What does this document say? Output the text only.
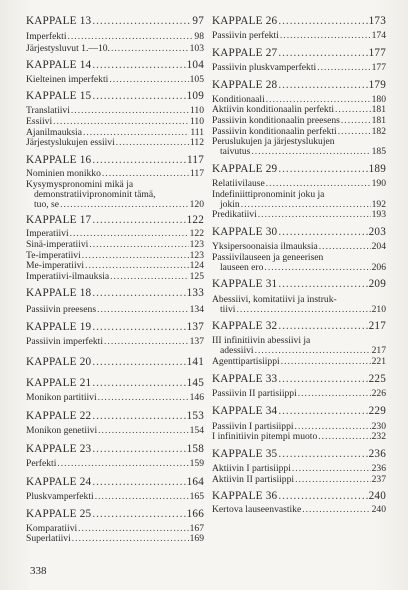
KAPPALE 13 .....	97
Imperfekti .....	98
Järjestysluvut 1.—10. .....	103
KAPPALE 14 .....	104
Kielteinen imperfekti .....	105
KAPPALE 15 .....	109
Translatiivi .....	110
Essiivi .....	110
Ajanilmauksia .....	111
Järjestyslukujen essiivi .....	112
KAPPALE 16 .....	117
Nominien monikko .....	117
Kysymyspronomini mikä ja
demonstratiivipronominit tämä,
tuo, se .....	120
KAPPALE 17 .....	122
Imperatiivi .....	122
Sinä-imperatiivi .....	123
Te-imperatiivi .....	123
Me-imperatiivi .....	124
Imperatiivi-ilmauksia .....	125
KAPPALE 18 .....	133
Passiivin preesens .....	134
KAPPALE 19 .....	137
Passiivin imperfekti .....	137
KAPPALE 20 .....	141
KAPPALE 21 .....	145
Monikon partitiivi .....	146
KAPPALE 22 .....	153
Monikon genetiivi .....	154
KAPPALE 23 .....	158
Perfekti .....	159
KAPPALE 24 .....	164
Pluskvamperfekti .....	165
KAPPALE 25 .....	166
Komparatiivi .....	167
Superlatiivi .....	169
KAPPALE 26 .....	173
Passiivin perfekti .....	174
KAPPALE 27 .....	177
Passiivin pluskvamperfekti .....	177
KAPPALE 28 .....	179
Konditionaali .....	180
Aktiivin konditionaalin perfekti .....	181
Passiivin konditionaalin preesens .....	181
Passiivin konditionaalin perfekti .....	182
Peruslukujen ja järjestyslukujen
taivutus .....	185
KAPPALE 29 .....	189
Relatiivilause .....	190
Indefiniittipronominit joku ja
jokin .....	192
Predikatiivi .....	193
KAPPALE 30 .....	203
Yksipersoonaisia ilmauksia .....	204
Passiivilauseen ja geneerisen
lauseen ero .....	206
KAPPALE 31 .....	209
Abessiivi, komitatiivi ja instruk-
tiivi .....	210
KAPPALE 32 .....	217
III infinitiivin abessiivi ja
adessiivi .....	217
Agenttipartisiippi .....	221
KAPPALE 33 .....	225
Passiivin II partisiippi .....	226
KAPPALE 34 .....	229
Passiivin I partisiippi .....	230
I infinitiivin pitempi muoto .....	232
KAPPALE 35 .....	236
Aktiivin I partisiippi .....	236
Aktiivin II partisiippi .....	237
KAPPALE 36 .....	240
Kertova lauseenvastike .....	240
338
